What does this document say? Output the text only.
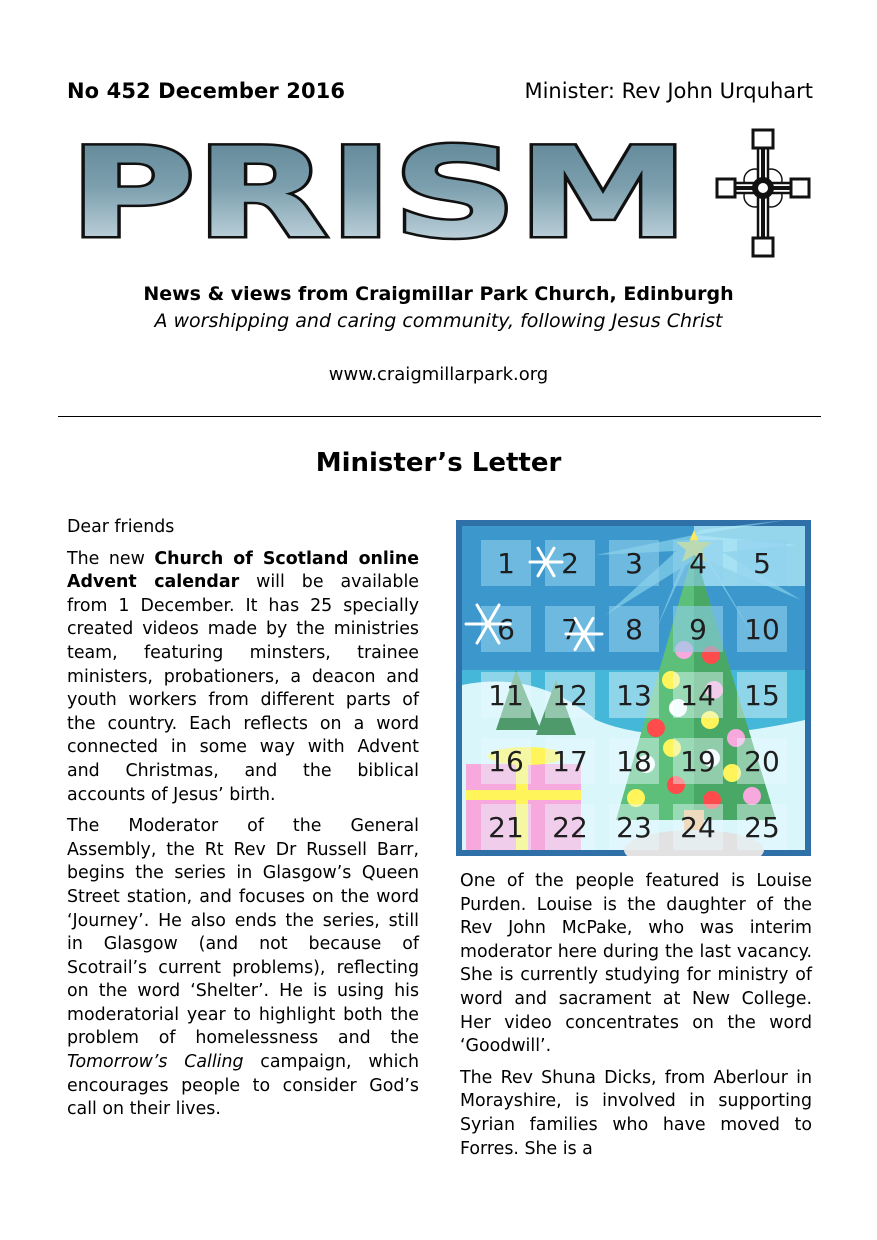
No 452 December 2016	Minister: Rev John Urquhart
PRISM
News & views from Craigmillar Park Church, Edinburgh
A worshipping and caring community, following Jesus Christ
www.craigmillarpark.org
Minister’s Letter

Dear friends

The new Church of Scotland online Advent calendar will be available from 1 December. It has 25 specially created videos made by the ministries team, featuring minsters, trainee ministers, probationers, a deacon and youth workers from different parts of the country. Each reflects on a word connected in some way with Advent and Christmas, and the biblical accounts of Jesus’ birth.

The Moderator of the General Assembly, the Rt Rev Dr Russell Barr, begins the series in Glasgow’s Queen Street station, and focuses on the word ‘Journey’. He also ends the series, still in Glasgow (and not because of Scotrail’s current problems), reflecting on the word ‘Shelter’. He is using his moderatorial year to highlight both the problem of homelessness and the Tomorrow’s Calling campaign, which encourages people to consider God’s call on their lives.

1 2 3 4 5
6 7 8 9 10
11 12 13 14 15
16 17 18 19 20
21 22 23 24 25

One of the people featured is Louise Purden. Louise is the daughter of the Rev John McPake, who was interim moderator here during the last vacancy. She is currently studying for ministry of word and sacrament at New College. Her video concentrates on the word ‘Goodwill’.

The Rev Shuna Dicks, from Aberlour in Morayshire, is involved in supporting Syrian families who have moved to Forres. She is a
